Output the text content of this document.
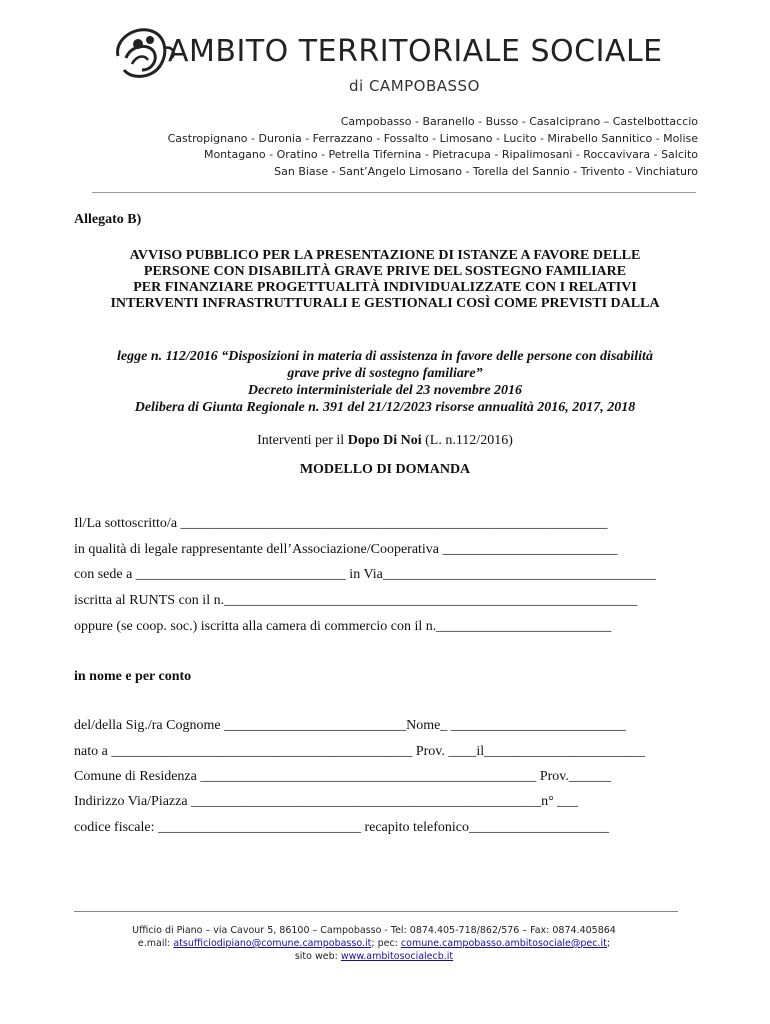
AMBITO TERRITORIALE SOCIALE
di CAMPOBASSO
Campobasso - Baranello - Busso - Casalciprano – Castelbottaccio
Castropignano - Duronia - Ferrazzano - Fossalto - Limosano - Lucito - Mirabello Sannitico - Molise
Montagano - Oratino - Petrella Tifernina - Pietracupa - Ripalimosani - Roccavivara - Salcito
San Biase - Sant’Angelo Limosano - Torella del Sannio - Trivento - Vinchiaturo
Allegato B)
AVVISO PUBBLICO PER LA PRESENTAZIONE DI ISTANZE A FAVORE DELLE
PERSONE CON DISABILITÀ GRAVE PRIVE DEL SOSTEGNO FAMILIARE
PER FINANZIARE PROGETTUALITÀ INDIVIDUALIZZATE CON I RELATIVI
INTERVENTI INFRASTRUTTURALI E GESTIONALI COSÌ COME PREVISTI DALLA
legge n. 112/2016 “Disposizioni in materia di assistenza in favore delle persone con disabilità
grave prive di sostegno familiare”
Decreto interministeriale del 23 novembre 2016
Delibera di Giunta Regionale n. 391 del 21/12/2023 risorse annualità 2016, 2017, 2018
Interventi per il Dopo Di Noi (L. n.112/2016)
MODELLO DI DOMANDA
Il/La sottoscritto/a _____________________________________________________________
in qualità di legale rappresentante dell’Associazione/Cooperativa _________________________
con sede a ______________________________ in Via_______________________________________
iscritta al RUNTS con il n.___________________________________________________________
oppure (se coop. soc.) iscritta alla camera di commercio con il n._________________________
in nome e per conto
del/della Sig./ra Cognome __________________________Nome_ _________________________
nato a ___________________________________________ Prov. ____il_______________________
Comune di Residenza ________________________________________________ Prov.______
Indirizzo Via/Piazza __________________________________________________n° ___
codice fiscale: _____________________________ recapito telefonico____________________
Ufficio di Piano – via Cavour 5, 86100 – Campobasso - Tel: 0874.405-718/862/576 – Fax: 0874.405864
e.mail: atsufficiodipiano@comune.campobasso.it; pec: comune.campobasso.ambitosociale@pec.it;
sito web: www.ambitosocialecb.it
